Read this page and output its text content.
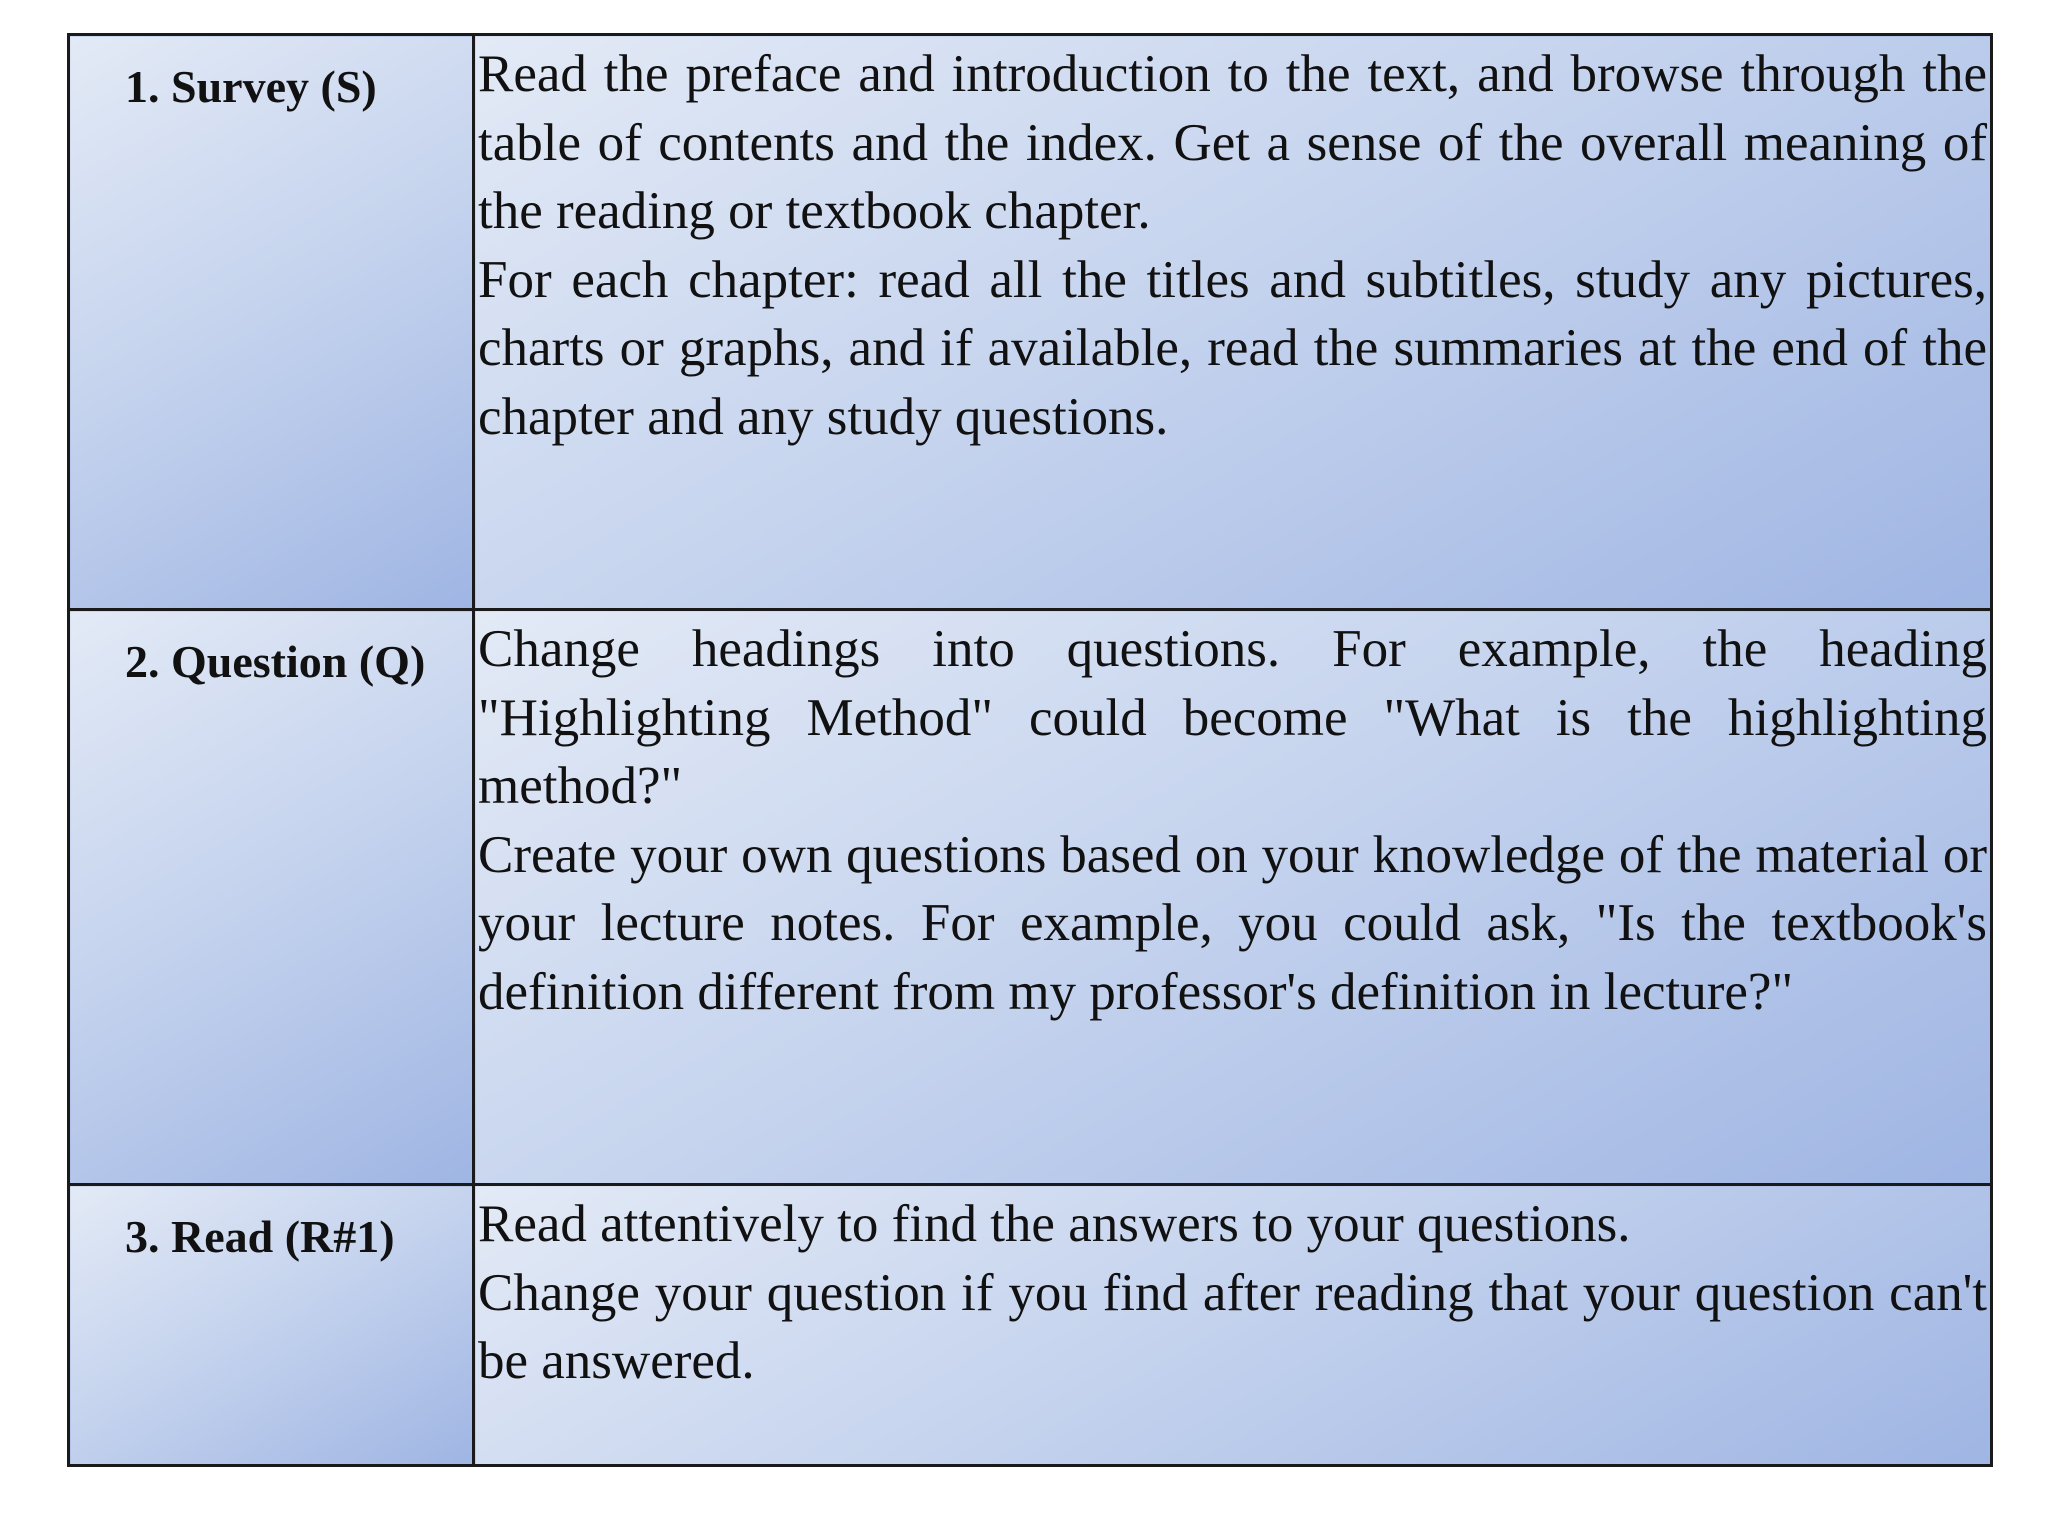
1. Survey (S)	Read the preface and introduction to the text, and browse through the table of contents and the index. Get a sense of the overall meaning of the reading or textbook chapter.

For each chapter: read all the titles and subtitles, study any pictures, charts or graphs, and if available, read the summaries at the end of the chapter and any study questions.

2. Question (Q)	Change headings into questions. For example, the heading "Highlighting Method" could become "What is the highlighting method?"

Create your own questions based on your knowledge of the material or your lecture notes. For example, you could ask, "Is the textbook's definition different from my professor's definition in lecture?"

3. Read (R#1)	Read attentively to find the answers to your questions.

Change your question if you find after reading that your question can't be answered.
